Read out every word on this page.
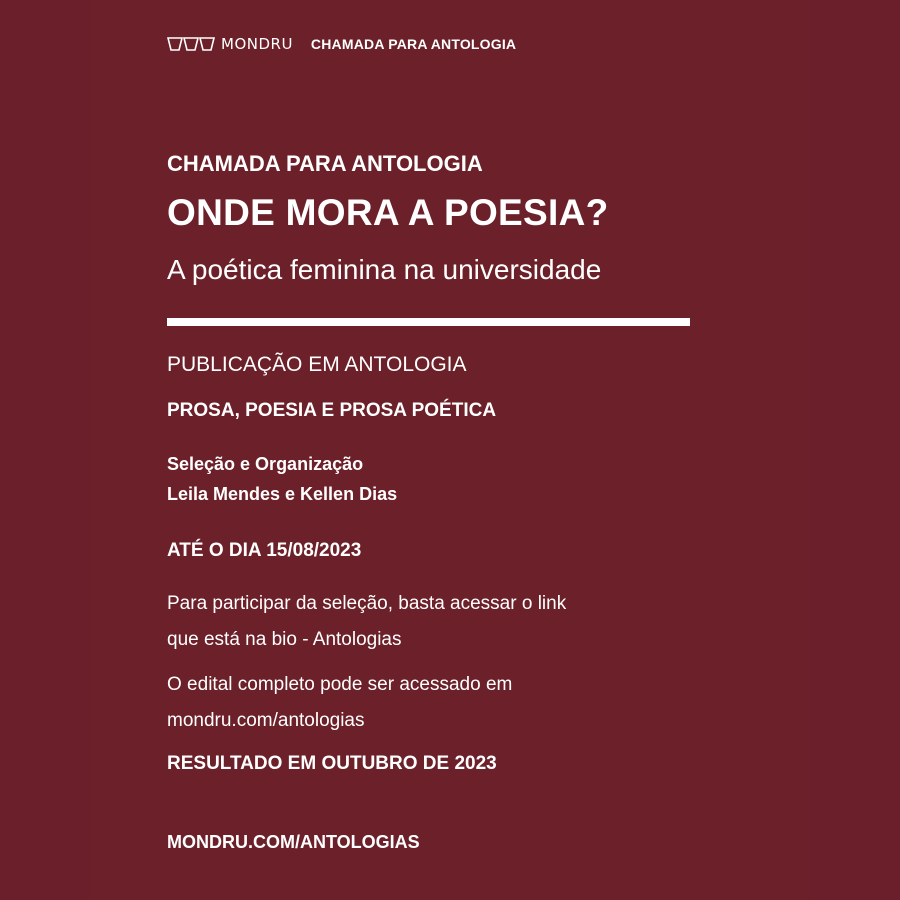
MONDRU CHAMADA PARA ANTOLOGIA
CHAMADA PARA ANTOLOGIA
ONDE MORA A POESIA?
A poética feminina na universidade
PUBLICAÇÃO EM ANTOLOGIA
PROSA, POESIA E PROSA POÉTICA
Seleção e Organização
Leila Mendes e Kellen Dias
ATÉ O DIA 15/08/2023
Para participar da seleção, basta acessar o link
que está na bio - Antologias
O edital completo pode ser acessado em
mondru.com/antologias
RESULTADO EM OUTUBRO DE 2023
MONDRU.COM/ANTOLOGIAS
